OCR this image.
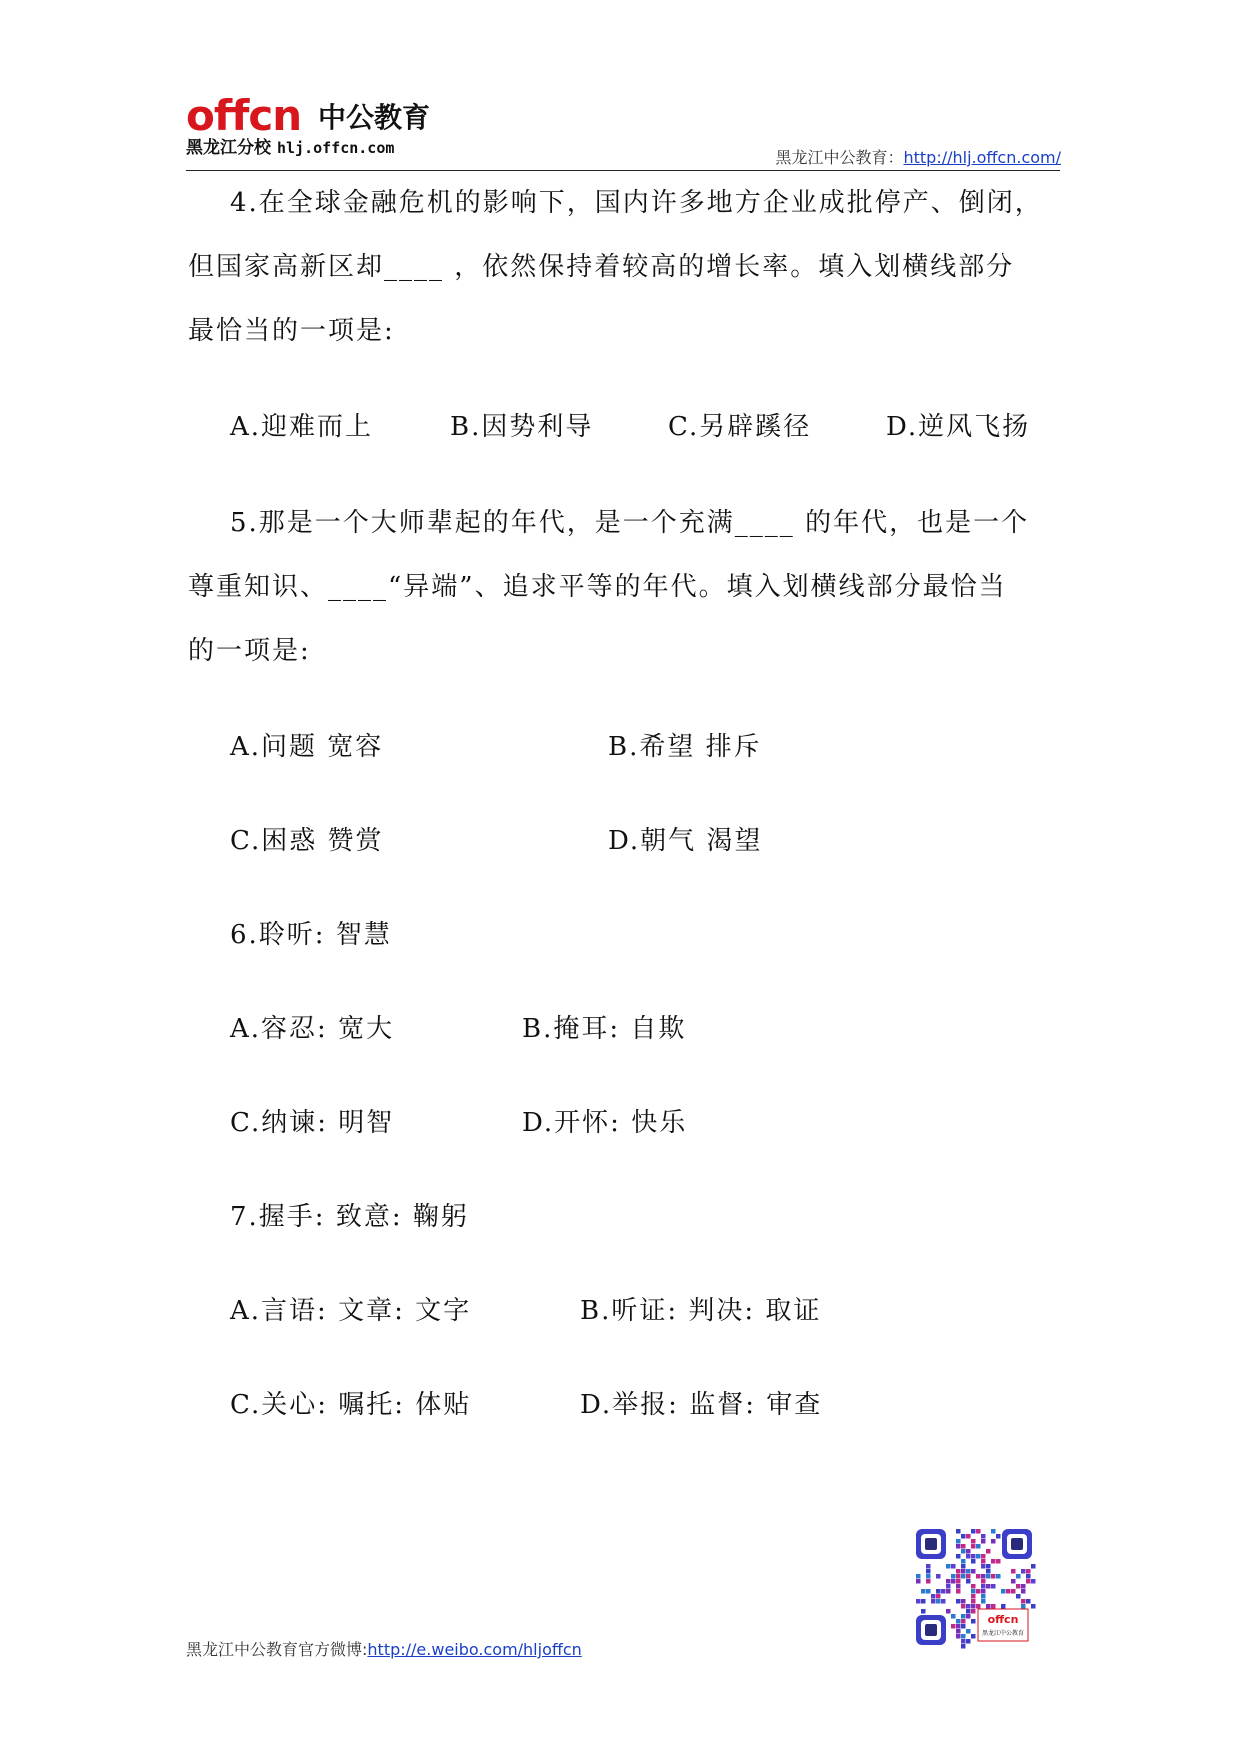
offcn 中公教育
黑龙江分校 hlj.offcn.com	黑龙江中公教育：http://hlj.offcn.com/
4.在全球金融危机的影响下，国内许多地方企业成批停产、倒闭，
但国家高新区却____ ，依然保持着较高的增长率。填入划横线部分
最恰当的一项是:
A.迎难而上	B.因势利导	C.另辟蹊径	D.逆风飞扬
5.那是一个大师辈起的年代，是一个充满____ 的年代，也是一个
尊重知识、____“异端”、追求平等的年代。填入划横线部分最恰当
的一项是:
A.问题 宽容	B.希望 排斥
C.困惑 赞赏	D.朝气 渴望
6.聆听: 智慧
A.容忍: 宽大	B.掩耳: 自欺
C.纳谏: 明智	D.开怀: 快乐
7.握手: 致意: 鞠躬
A.言语: 文章: 文字	B.听证: 判决: 取证
C.关心: 嘱托: 体贴	D.举报: 监督: 审查
黑龙江中公教育官方微博:http://e.weibo.com/hljoffcn
offcn
黑龙江中公教育
